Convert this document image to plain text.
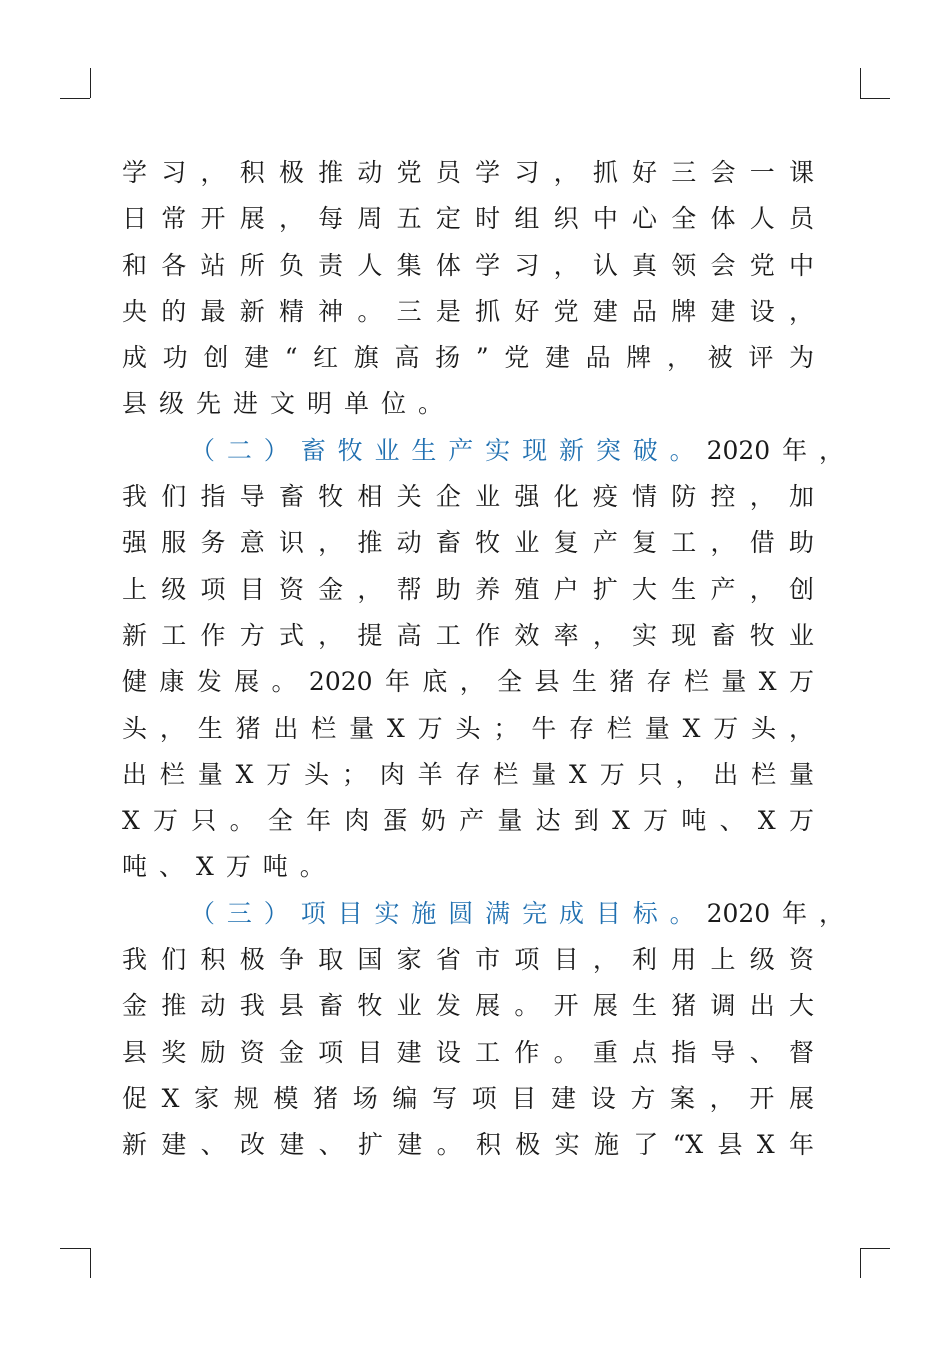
学​习​，​积​极​推​动​党​员​学​习​，​抓​好​三​会​一​课
日​常​开​展​，​每​周​五​定​时​组​织​中​心​全​体​人​员
和​各​站​所​负​责​人​集​体​学​习​，​认​真​领​会​党​中
央​的​最​新​精​神​。​三​是​抓​好​党​建​品​牌​建​设​，
成​功​创​建​“​红​旗​高​扬​”​党​建​品​牌​，​被​评​为
县级先进文明单位。
（二）畜牧业生产实现新突破。2020年，
我​们​指​导​畜​牧​相​关​企​业​强​化​疫​情​防​控​，​加
强​服​务​意​识​，​推​动​畜​牧​业​复​产​复​工​，​借​助
上​级​项​目​资​金​，​帮​助​养​殖​户​扩​大​生​产​，​创
新​工​作​方​式​，​提​高​工​作​效​率​，​实​现​畜​牧​业
健​康​发​展​。​2​0​2​0​年​底​，​全​县​生​猪​存​栏​量​X​万
头​，​生​猪​出​栏​量​X​万​头​；​牛​存​栏​量​X​万​头​，
出​栏​量​X​万​头​；​肉​羊​存​栏​量​X​万​只​，​出​栏​量
X​万​只​。​全​年​肉​蛋​奶​产​量​达​到​X​万​吨​、​X​万
吨、X万吨。
（三）项目实施圆满完成目标。2020年，
我​们​积​极​争​取​国​家​省​市​项​目​，​利​用​上​级​资
金​推​动​我​县​畜​牧​业​发​展​。​开​展​生​猪​调​出​大
县​奖​励​资​金​项​目​建​设​工​作​。​重​点​指​导​、​督
促​X​家​规​模​猪​场​编​写​项​目​建​设​方​案​，​开​展
新​建​、​改​建​、​扩​建​。​积​极​实​施​了​“​X​县​X​年
